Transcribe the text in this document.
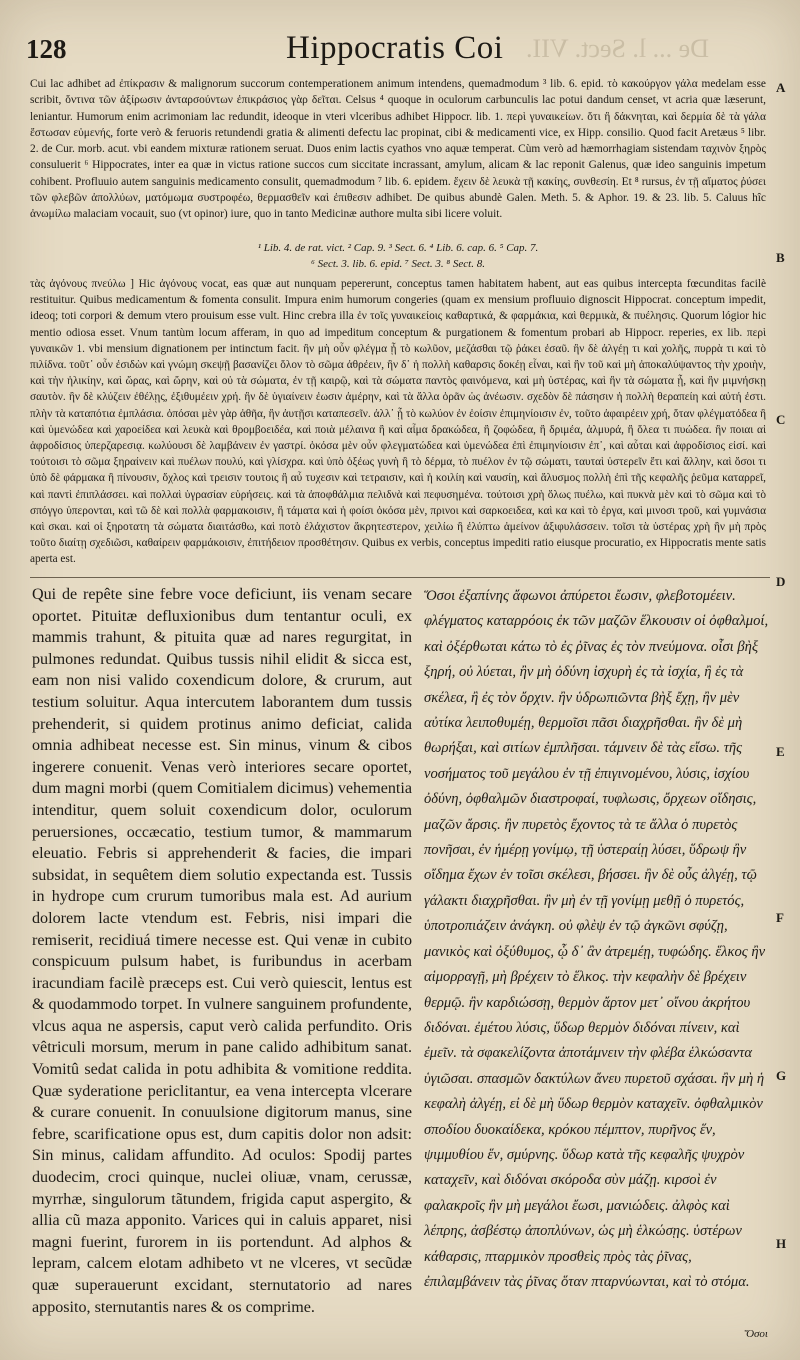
128	Hippocratis Coi De ... l. Sect. VII.
A
B
C
D
E
F
G
H
Cui lac adhibet ad ἐπίκρασιν & malignorum succorum contemperationem animum intendens, quemadmodum ³ lib. 6. epid. τὸ κακούργον γάλα medelam esse scribit, ὅντινα τῶν ἀξίρωσιν ἀνταρσούντων ἐπικράσιος γὰρ δεῖται. Celsus ⁴ quoque in oculorum carbunculis lac potui dandum censet, vt acria quæ læserunt, leniantur. Humorum enim acrimoniam lac redundit, ideoque in vteri vlceribus adhibet Hippocr. lib. 1. περὶ γυναικείων. ὅτι ἢ δάκνηται, καὶ δερμία δὲ τὰ γάλα ἔστωσαν εὐμενής, forte verò & feruoris retundendi gratia & alimenti defectu lac propinat, cibi & medicamenti vice, ex Hipp. consilio. Quod facit Aretæus ⁵ libr. 2. de Cur. morb. acut. vbi eandem mixturæ rationem seruat. Duos enim lactis cyathos vno aquæ temperat. Cùm verò ad hæmorrhagiam sistendam ταχινὸν ξηρὸς consuluerit ⁶ Hippocrates, inter ea quæ in victus ratione succos cum siccitate incrassant, amylum, alicam & lac reponit Galenus, quæ ideo sanguinis impetum cohibent. Profluuio autem sanguinis medicamento consulit, quemadmodum ⁷ lib. 6. epidem. ἔχειν δὲ λευκὰ τῇ κακίης, συνθεσίη. Et ⁸ rursus, ἐν τῇ αἵματος ῥύσει τῶν φλεβῶν ἀπολλύων, ματόμωμα συστροφέω, θερμασθεῖν καὶ ἐπιθεσιν adhibet. De quibus abundè Galen. Meth. 5. & Aphor. 19. & 23. lib. 5. Caluus hîc ἀνωμίλω malaciam vocauit, suo (vt opinor) iure, quo in tanto Medicinæ authore multa sibi licere voluit.
¹ Lib. 4. de rat. vict. ² Cap. 9. ³ Sect. 6. ⁴ Lib. 6. cap. 6. ⁵ Cap. 7.
⁶ Sect. 3. lib. 6. epid. ⁷ Sect. 3. ⁸ Sect. 8.
τὰς ἀγόνους πνεύλω ] Hic ἀγόνους vocat, eas quæ aut nunquam pepererunt, conceptus tamen habitatem habent, aut eas quibus intercepta fœcunditas facilè restituitur. Quibus medicamentum & fomenta consulit. Impura enim humorum congeries (quam ex mensium profluuio dignoscit Hippocrat. conceptum impedit, ideoq; toti corpori & demum vtero prouisum esse vult. Hinc crebra illa ἐν τοῖς γυναικείοις καθαρτικά, & φαρμάκια, καὶ θερμικὰ, & πυέλησις. Quorum lógior hic mentio odiosa esset. Vnum tantùm locum afferam, in quo ad impeditum conceptum & purgationem & fomentum probari ab Hippocr. reperies, ex lib. περὶ γυναικῶν 1. vbi mensium dignationem per intinctum facit. ἢν μὴ οὖν φλέγμα ᾖ τὸ κωλῦον, μεζάσθαι τῷ ῥάκει ἐσαῦ. ἢν δὲ ἀλγέῃ τι καὶ χολῆς, πυρρὰ τι καὶ τὸ πιλίδνα. τοῦτ᾽ οὖν ἐσιδὼν καὶ γνώμη σκεψῇ βασανίζει ὅλον τὸ σῶμα ἀθρέειν, ἢν δ᾽ ἡ πολλὴ καθαρσις δοκέῃ εἶναι, καὶ ἢν τοῦ καὶ μὴ ἀποκαλύψαντος τὴν χροιὴν, καὶ τὴν ἡλικίην, καὶ ὥρας, καὶ ὥρην, καὶ οὐ τὰ σώματα, ἐν τῇ καιρῷ, καὶ τὰ σώματα παντὸς φαινόμενα, καὶ μὴ ὑστέρας, καὶ ἢν τὰ σώματα ᾖ, καὶ ἢν μιμνήσκῃ σαυτὸν. ἢν δὲ κλύζειν ἐθέλῃς, ἐξιθυμέειν χρή. ἢν δὲ ὑγιαίνειν ἐωσιν ἀμέρην, καὶ τὰ ἄλλα ὁρᾶν ὡς ἀνέωσιν. σχεδὸν δὲ πάσησιν ἡ πολλὴ θεραπείη καὶ αὐτή ἐστι. πλὴν τὰ καταπότια ἐμπλάσια. ὁπόσαι μὲν γὰρ ἀθῆα, ἢν ἀυτῇσι καταπεσεῖν. ἀλλ᾽ ᾗ τὸ κωλύον ἐν ἐοίσιν ἐπιμηνίοισιν ἐν, τοῦτο ἀφαιρέειν χρή, ὅταν φλέγματόδεα ἢ καὶ ὑμενώδεα καὶ χαροείδεα καὶ λευκὰ καὶ θρομβοειδέα, καὶ ποιὰ μέλαινα ἢ καὶ αἷμα δρακώδεα, ἢ ζοφώδεα, ἢ δριμέα, ἁλμυρά, ἢ ὅλεα τι πυώδεα. ἢν ποιαι αἱ ἀφροδίσιος ὑπερζαρεσιᾳ. κωλύουσι δὲ λαμβάνειν ἐν γαστρί. ὁκόσα μὲν οὖν φλεγματώδεα καὶ ὑμενώδεα ἐπὶ ἐπιμηνίοισιν ἐπ᾽, καὶ αὗται καὶ ἀφροδίσιος εἰσί. καὶ τούτοισι τὸ σῶμα ξηραίνειν καὶ πυέλων πουλύ, καὶ γλίσχρα. καὶ ὑπὸ ὀξέως γυνὴ ἢ τὸ δέρμα, τὸ πυέλον ἐν τῷ σώματι, ταυταὶ ὑστερεῖν ἔτι καὶ ἄλλην, καὶ ὅσοι τι ὑπὸ δὲ φάρμακα ἢ πίνουσιν, ὄχλος καὶ τρεισιν τουτοις ἢ αὖ τυχεσιν καὶ τετραισιν, καὶ ἡ κοιλίη καὶ ναυσίη, καὶ ἄλυσμος πολλὴ ἐπὶ τῆς κεφαλῆς ῥεῦμα καταρρεῖ, καὶ παντὶ ἐπιπλάσσει. καὶ πολλαὶ ὑγρασίαν εὑρήσεις. καὶ τὰ ἀποφθάλμια πελιδνὰ καὶ πεφυσημένα. τούτοισι χρὴ ὅλως πυέλω, καὶ πυκνὰ μὲν καὶ τὸ σῶμα καὶ τὸ σπόγγο ὑπερονται, καὶ τῶ δὲ καὶ πολλὰ φαρμακοισιν, ἢ τάματα καὶ ἡ φοίσι ὁκόσα μὲν, πρινοι καὶ σαρκοειδεα, καὶ κα καὶ τὸ ἐργα, καὶ μινοσι τροῦ, καὶ γυμνάσια καὶ σκαι. καὶ οἱ ξηροτατη τὰ σώματα διαιτάσθω, καὶ ποτὸ ἐλάχιστον ἄκρητεστερον, χειλίω ἢ ἐλύπτω ἀμείνον ἀξιφυλάσσειν. τοῖσι τὰ ὑστέρας χρὴ ἢν μὴ πρὸς τοῦτο διαίτῃ σχεδιῶσι, καθαίρειν φαρμάκοισιν, ἐπιτήδειον προσθέτησιν. Quibus ex verbis, conceptus impediti ratio eiusque procuratio, ex Hippocratis mente satis aperta est.
Qui de repête sine febre voce deficiunt, iis venam secare oportet. Pituitæ defluxionibus dum tentantur oculi, ex mammis trahunt, & pituita quæ ad nares regurgitat, in pulmones redundat. Quibus tussis nihil elidit & sicca est, eam non nisi valido coxendicum dolore, & crurum, aut testium soluitur. Aqua intercutem laborantem dum tussis prehenderit, si quidem protinus animo deficiat, calida omnia adhibeat necesse est. Sin minus, vinum & cibos ingerere conuenit. Venas verò interiores secare oportet, dum magni morbi (quem Comitialem dicimus) vehementia intenditur, quem soluit coxendicum dolor, oculorum peruersiones, occæcatio, testium tumor, & mammarum eleuatio. Febris si apprehenderit & facies, die impari subsidat, in sequêtem diem solutio expectanda est. Tussis in hydrope cum crurum tumoribus mala est. Ad aurium dolorem lacte vtendum est. Febris, nisi impari die remiserit, recidiuá timere necesse est. Qui venæ in cubito conspicuum pulsum habet, is furibundus in acerbam iracundiam facilè præceps est. Cui verò quiescit, lentus est & quodammodo torpet. In vulnere sanguinem profundente, vlcus aqua ne aspersis, caput verò calida perfundito. Oris vêtriculi morsum, merum in pane calido adhibitum sanat. Vomitû sedat calida in potu adhibita & vomitione reddita. Quæ syderatione periclitantur, ea vena intercepta vlcerare & curare conuenit. In conuulsione digitorum manus, sine febre, scarificatione opus est, dum capitis dolor non adsit: Sin minus, calidam affundito. Ad oculos: Spodij partes duodecim, croci quinque, nuclei oliuæ, vnam, cerussæ, myrrhæ, singulorum tãtundem, frigida caput aspergito, & allia cũ maza apponito. Varices qui in caluis apparet, nisi magni fuerint, furorem in iis portendunt. Ad alphos & lepram, calcem elotam adhibeto vt ne vlceres, vt secũdæ quæ superauerunt excidant, sternutatorio ad nares apposito, sternutantis nares & os comprime.
Ὅσοι ἐξαπίνης ἄφωνοι ἀπύρετοι ἔωσιν, φλεβοτομέειν. φλέγματος καταρρόοις ἐκ τῶν μαζῶν ἕλκουσιν οἱ ὀφθαλμοί, καὶ ὀξέρθωται κάτω τὸ ἐς ῥῖνας ἐς τὸν πνεύμονα. οἷσι βὴξ ξηρή, οὐ λύεται, ἢν μὴ ὀδύνη ἰσχυρὴ ἐς τὰ ἰσχία, ἢ ἐς τὰ σκέλεα, ἢ ἐς τὸν ὄρχιν. ἢν ὑδρωπιῶντα βὴξ ἔχῃ, ἢν μὲν αὐτίκα λειποθυμέῃ, θερμοῖσι πᾶσι διαχρῆσθαι. ἢν δὲ μὴ θωρήξαι, καὶ σιτίων ἐμπλῆσαι. τάμνειν δὲ τὰς εἴσω. τῆς νοσήματος τοῦ μεγάλου ἐν τῇ ἐπιγινομένου, λύσις, ἰσχίου ὀδύνη, ὀφθαλμῶν διαστροφαί, τυφλωσις, ὄρχεων οἴδησις, μαζῶν ἄρσις. ἢν πυρετὸς ἔχοντος τὰ τε ἄλλα ὁ πυρετὸς πονῆσαι, ἐν ἡμέρῃ γονίμῳ, τῇ ὑστεραίῃ λύσει, ὕδρωψ ἢν οἴδημα ἔχων ἐν τοῖσι σκέλεσι, βήσσει. ἢν δὲ οὖς ἀλγέῃ, τῷ γάλακτι διαχρῆσθαι. ἢν μὴ ἐν τῇ γονίμῃ μεθῇ ὁ πυρετός, ὑποτροπιάζειν ἀνάγκη. οὐ φλὲψ ἐν τῷ ἀγκῶνι σφύζῃ, μανικὸς καὶ ὀξύθυμος, ᾧ δ᾽ ἂν ἀτρεμέῃ, τυφώδης. ἕλκος ἢν αἱμορραγῇ, μὴ βρέχειν τὸ ἕλκος. τὴν κεφαλὴν δὲ βρέχειν θερμῷ. ἢν καρδιώσσῃ, θερμὸν ἄρτον μετ᾽ οἴνου ἀκρήτου διδόναι. ἐμέτου λύσις, ὕδωρ θερμὸν διδόναι πίνειν, καὶ ἐμεῖν. τὰ σφακελίζοντα ἀποτάμνειν τὴν φλέβα ἑλκώσαντα ὑγιῶσαι. σπασμῶν δακτύλων ἄνευ πυρετοῦ σχάσαι. ἢν μὴ ἡ κεφαλὴ ἀλγέῃ, εἰ δὲ μὴ ὕδωρ θερμὸν καταχεῖν. ὀφθαλμικὸν σποδίου δυοκαίδεκα, κρόκου πέμπτον, πυρῆνος ἕν, ψιμμυθίου ἕν, σμύρνης. ὕδωρ κατὰ τῆς κεφαλῆς ψυχρὸν καταχεῖν, καὶ διδόναι σκόροδα σὺν μάζῃ. κιρσοὶ ἐν φαλακροῖς ἢν μὴ μεγάλοι ἔωσι, μανιώδεις. ἀλφὸς καὶ λέπρης, ἀσβέστῳ ἀποπλύνων, ὡς μὴ ἑλκώσῃς. ὑστέρων κάθαρσις, πταρμικὸν προσθεὶς πρὸς τὰς ῥῖνας, ἐπιλαμβάνειν τὰς ῥῖνας ὅταν πταρνύωνται, καὶ τὸ στόμα.
Ὅσοι
